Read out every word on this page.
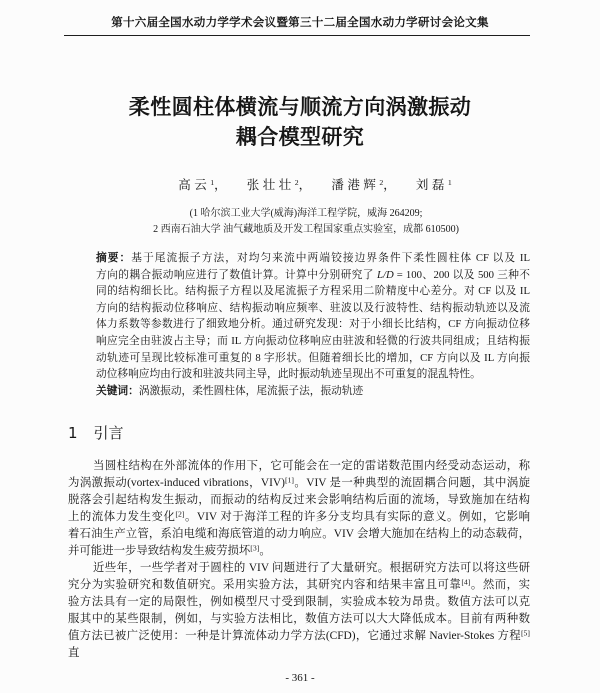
第十六届全国水动力学学术会议暨第三十二届全国水动力学研讨会论文集
柔性圆柱体横流与顺流方向涡激振动
耦合模型研究
高云$^1$， 张壮壮$^2$， 潘港辉$^2$， 刘磊$^1$
(1 哈尔滨工业大学(威海)海洋工程学院，威海 264209;
2 西南石油大学 油气藏地质及开发工程国家重点实验室，成都 610500)
摘要：基于尾流振子方法，对均匀来流中两端铰接边界条件下柔性圆柱体 CF 以及 IL
方向的耦合振动响应进行了数值计算。计算中分别研究了 L/D = 100、200 以及 500 三种不
同的结构细长比。结构振子方程以及尾流振子方程采用二阶精度中心差分。对 CF 以及 IL
方向的结构振动位移响应、结构振动响应频率、驻波以及行波特性、结构振动轨迹以及流
体力系数等参数进行了细致地分析。通过研究发现：对于小细长比结构，CF 方向振动位移
响应完全由驻波占主导；而 IL 方向振动位移响应由驻波和轻微的行波共同组成；且结构振
动轨迹可呈现比较标准可重复的 8 字形状。但随着细长比的增加，CF 方向以及 IL 方向振
动位移响应均由行波和驻波共同主导，此时振动轨迹呈现出不可重复的混乱特性。
关键词：涡激振动，柔性圆柱体，尾流振子法，振动轨迹
1 引言
当圆柱结构在外部流体的作用下，它可能会在一定的雷诺数范围内经受动态运动，称
为涡激振动(vortex-induced vibrations，VIV)[1]。VIV 是一种典型的流固耦合问题，其中涡旋
脱落会引起结构发生振动，而振动的结构反过来会影响结构后面的流场，导致施加在结构
上的流体力发生变化[2]。VIV 对于海洋工程的许多分支均具有实际的意义。例如，它影响
着石油生产立管，系泊电缆和海底管道的动力响应。VIV 会增大施加在结构上的动态载荷，
并可能进一步导致结构发生疲劳损坏[3]。
近些年，一些学者对于圆柱的 VIV 问题进行了大量研究。根据研究方法可以将这些研
究分为实验研究和数值研究。采用实验方法，其研究内容和结果丰富且可靠[4]。然而，实
验方法具有一定的局限性，例如模型尺寸受到限制，实验成本较为昂贵。数值方法可以克
服其中的某些限制，例如，与实验方法相比，数值方法可以大大降低成本。目前有两种数
值方法已被广泛使用：一种是计算流体动力学方法(CFD)，它通过求解 Navier-Stokes 方程[5]直
- 361 -
